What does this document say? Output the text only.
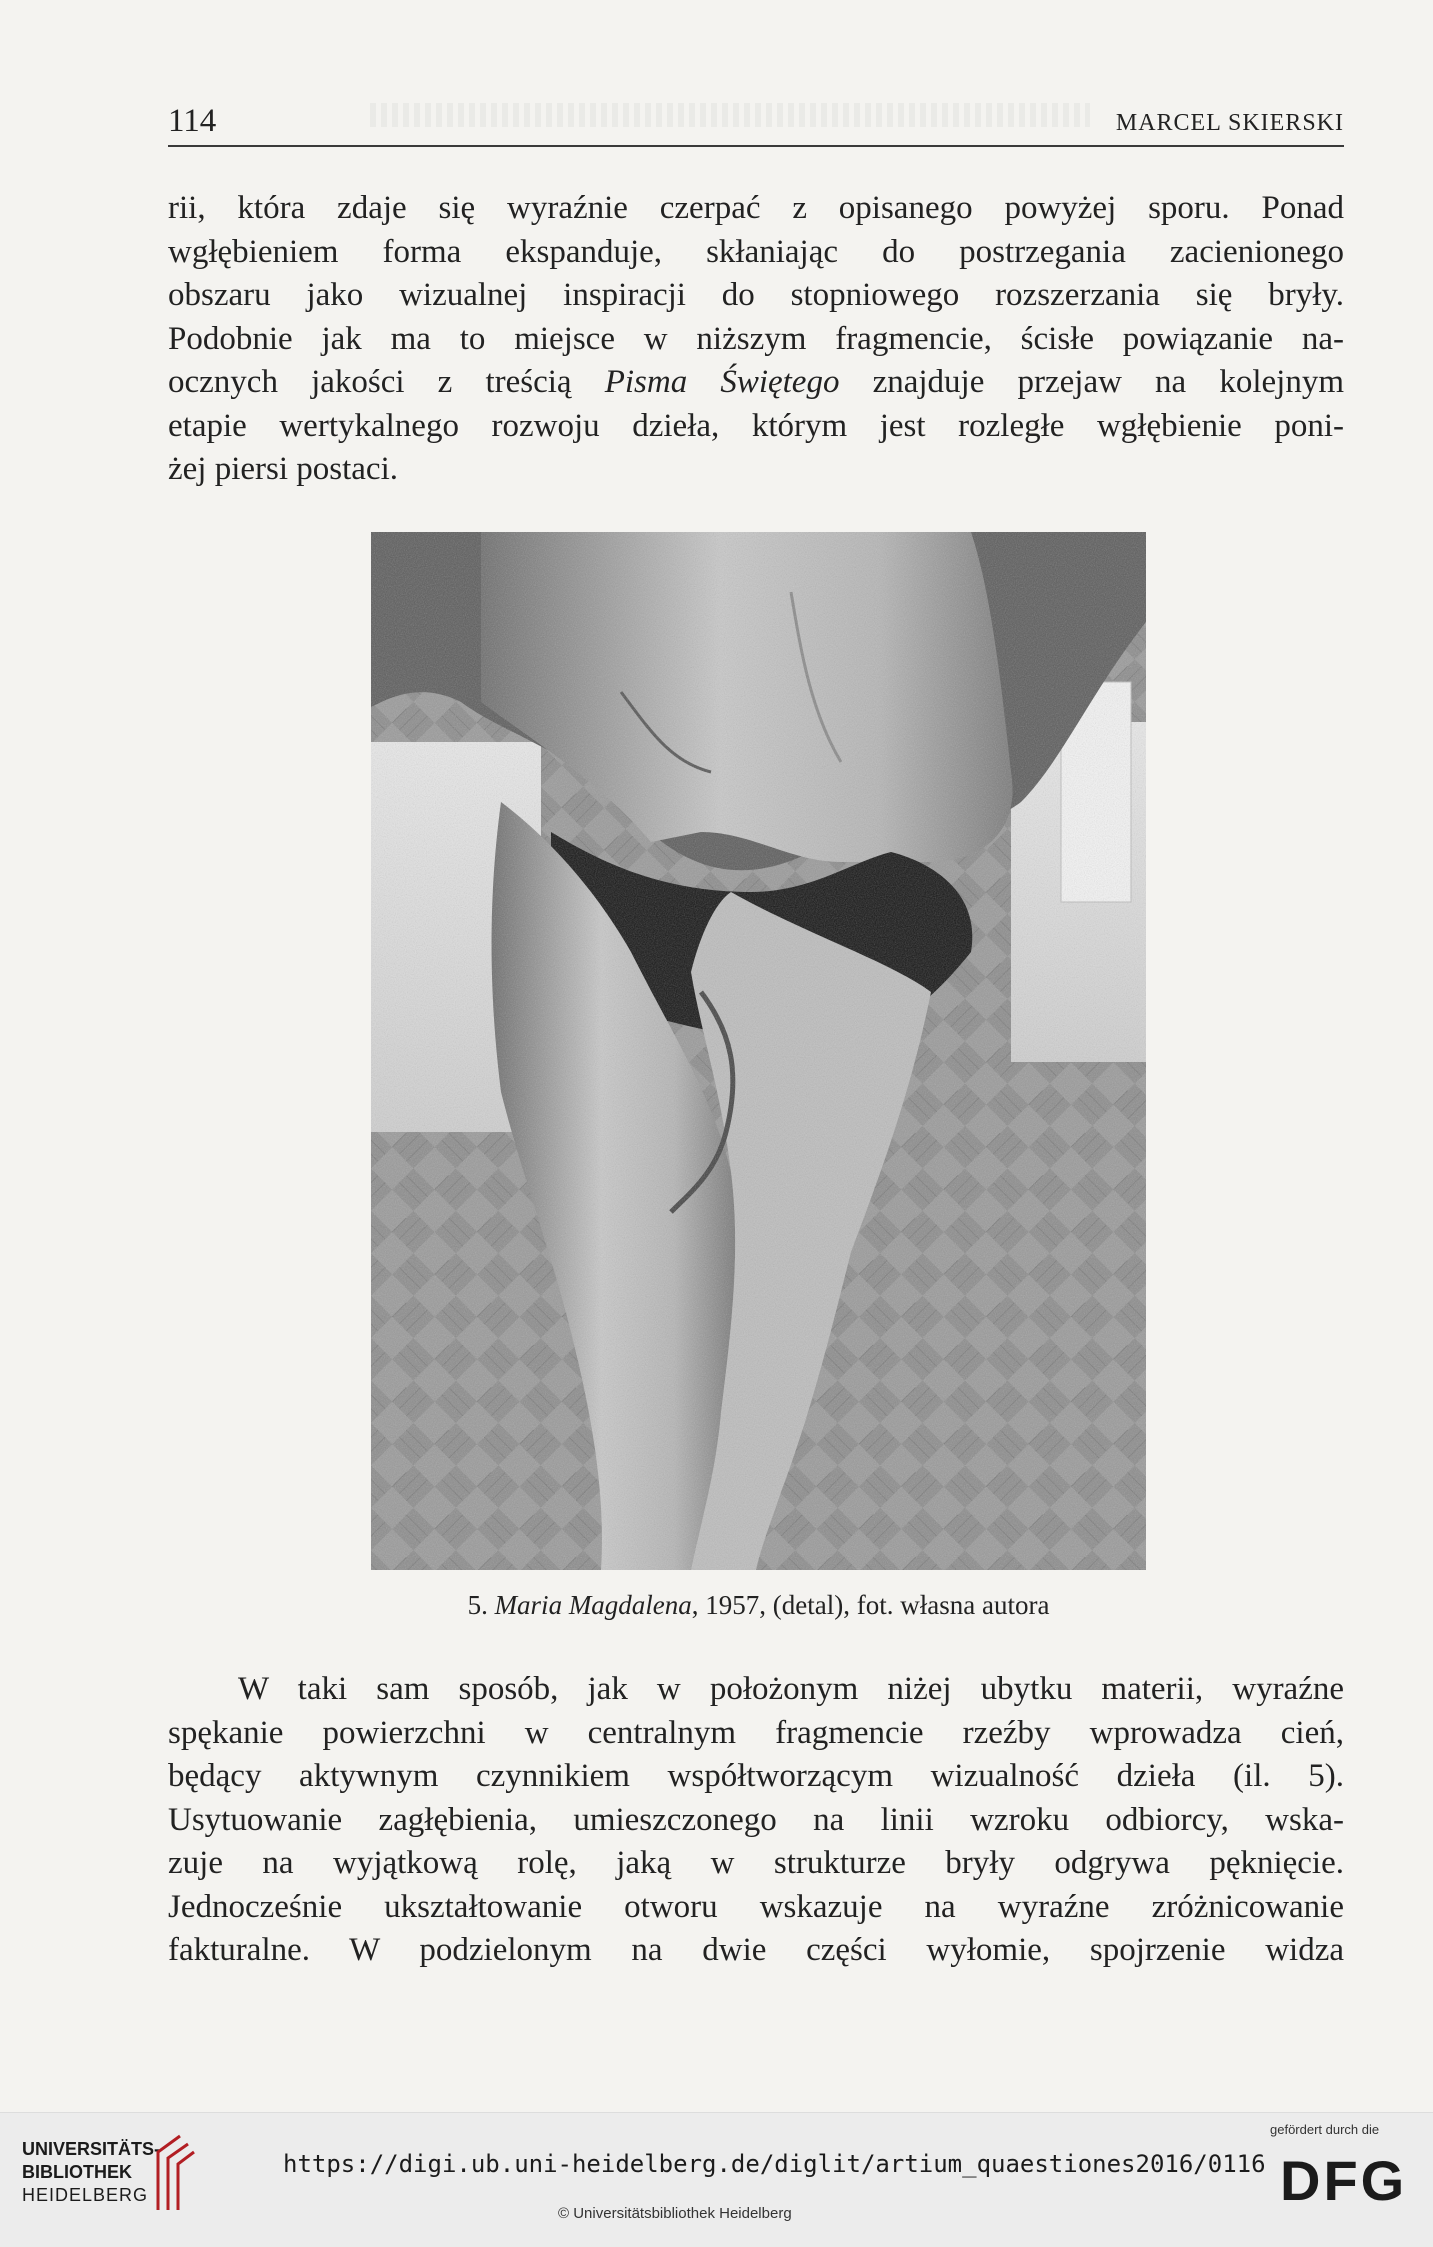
114	MARCEL SKIERSKI

rii, która zdaje się wyraźnie czerpać z opisanego powyżej sporu. Ponad
wgłębieniem forma ekspanduje, skłaniając do postrzegania zacienionego
obszaru jako wizualnej inspiracji do stopniowego rozszerzania się bryły.
Podobnie jak ma to miejsce w niższym fragmencie, ścisłe powiązanie na-
ocznych jakości z treścią Pisma Świętego znajduje przejaw na kolejnym
etapie wertykalnego rozwoju dzieła, którym jest rozległe wgłębienie poni-
żej piersi postaci.

5. Maria Magdalena, 1957, (detal), fot. własna autora

W taki sam sposób, jak w położonym niżej ubytku materii, wyraźne
spękanie powierzchni w centralnym fragmencie rzeźby wprowadza cień,
będący aktywnym czynnikiem współtworzącym wizualność dzieła (il. 5).
Usytuowanie zagłębienia, umieszczonego na linii wzroku odbiorcy, wska-
zuje na wyjątkową rolę, jaką w strukturze bryły odgrywa pęknięcie.
Jednocześnie ukształtowanie otworu wskazuje na wyraźne zróżnicowanie
fakturalne. W podzielonym na dwie części wyłomie, spojrzenie widza

UNIVERSITÄTS-
BIBLIOTHEK
HEIDELBERG
https://digi.ub.uni-heidelberg.de/diglit/artium_quaestiones2016/0116
© Universitätsbibliothek Heidelberg
gefördert durch die
DFG
